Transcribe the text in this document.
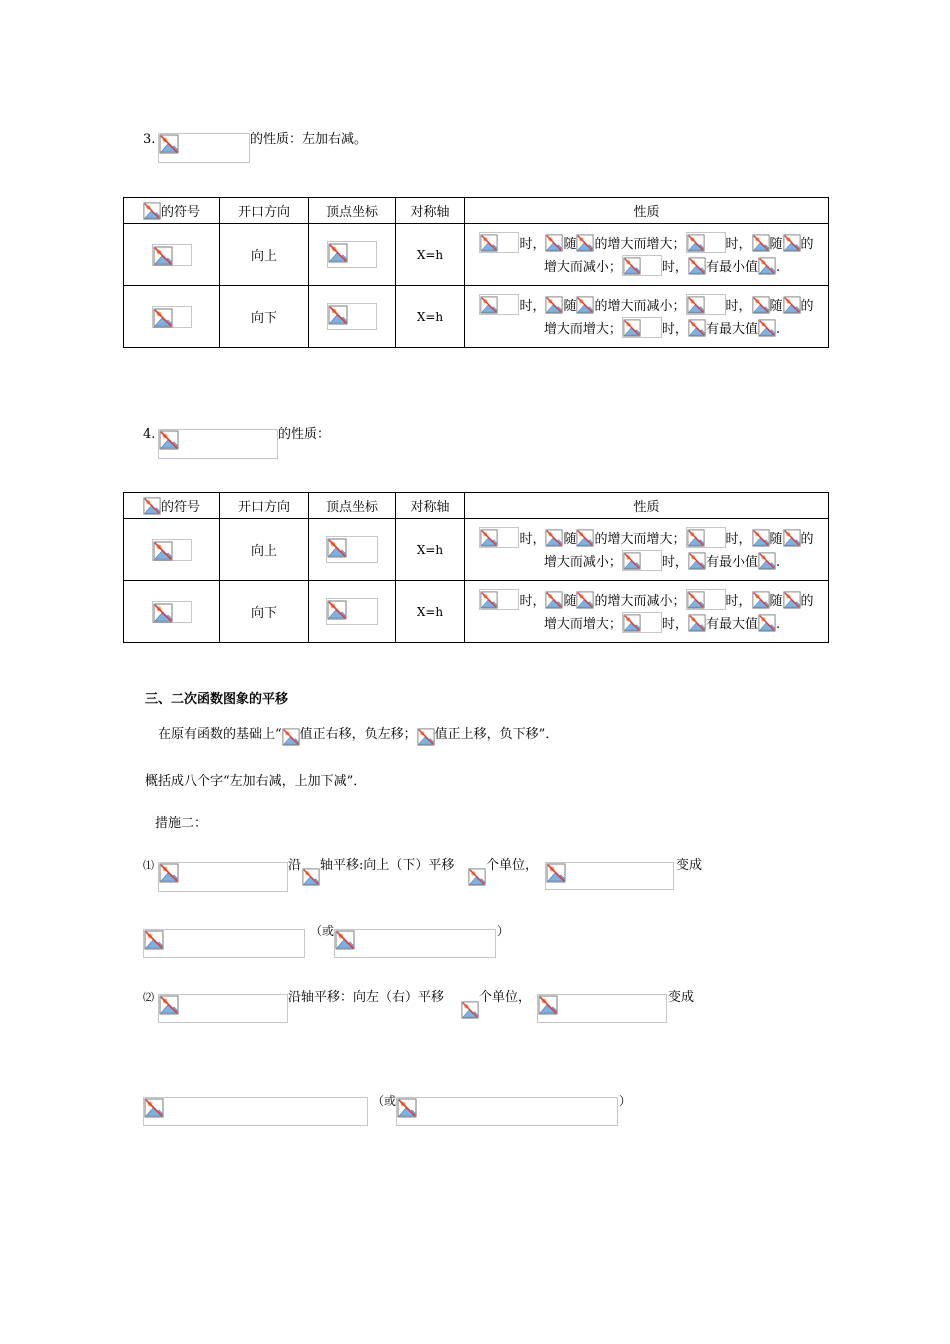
3.	的性质：左加右减。
的符号	开口方向	顶点坐标	对称轴	性质

	向上		X=h	时， 随 的增大而增大； 时， 随 的
增大而减小； 时， 有最小值 .

	向下		X=h	时， 随 的增大而减小； 时， 随 的
增大而增大； 时， 有最大值 .
4.	的性质：
的符号	开口方向	顶点坐标	对称轴	性质

	向上		X=h	时， 随 的增大而增大； 时， 随 的
增大而减小； 时， 有最小值 .

	向下		X=h	时， 随 的增大而减小； 时， 随 的
增大而增大； 时， 有最大值 .
三、二次函数图象的平移
在原有函数的基础上“ 值正右移，负左移； 值正上移，负下移”．
概括成八个字“左加右减，上加下减”．
措施二：
⑴	沿 轴平移:向上（下）平移 个单位，	变成
（或	）
⑵	沿轴平移：向左（右）平移	个单位，	变成
（或	）
